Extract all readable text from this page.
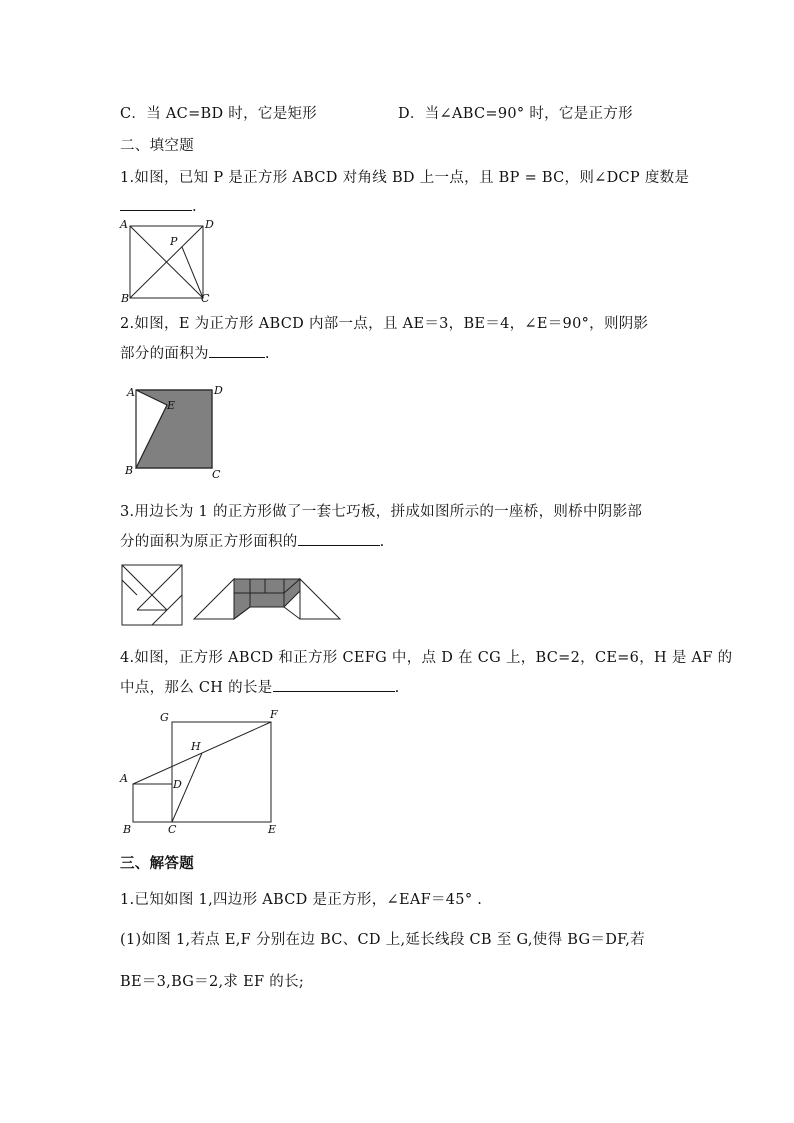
C．当 AC=BD 时，它是矩形	D．当∠ABC=90° 时，它是正方形
二、填空题
1.如图，已知 P 是正方形 ABCD 对角线 BD 上一点，且 BP = BC，则∠DCP 度数是
.
A	D
P
B	C
2.如图，E 为正方形 ABCD 内部一点，且 AE＝3，BE＝4，∠E＝90°，则阴影
部分的面积为	.
A	D
E
B	C
3.用边长为 1 的正方形做了一套七巧板，拼成如图所示的一座桥，则桥中阴影部
分的面积为原正方形面积的	.
4.如图，正方形 ABCD 和正方形 CEFG 中，点 D 在 CG 上，BC=2，CE=6，H 是 AF 的
中点，那么 CH 的长是	.
G	F
H
A	D
B	C	E
三、解答题
1.已知如图 1,四边形 ABCD 是正方形，∠EAF＝45° .
(1)如图 1,若点 E,F 分别在边 BC、CD 上,延长线段 CB 至 G,使得 BG＝DF,若
BE＝3,BG＝2,求 EF 的长;
